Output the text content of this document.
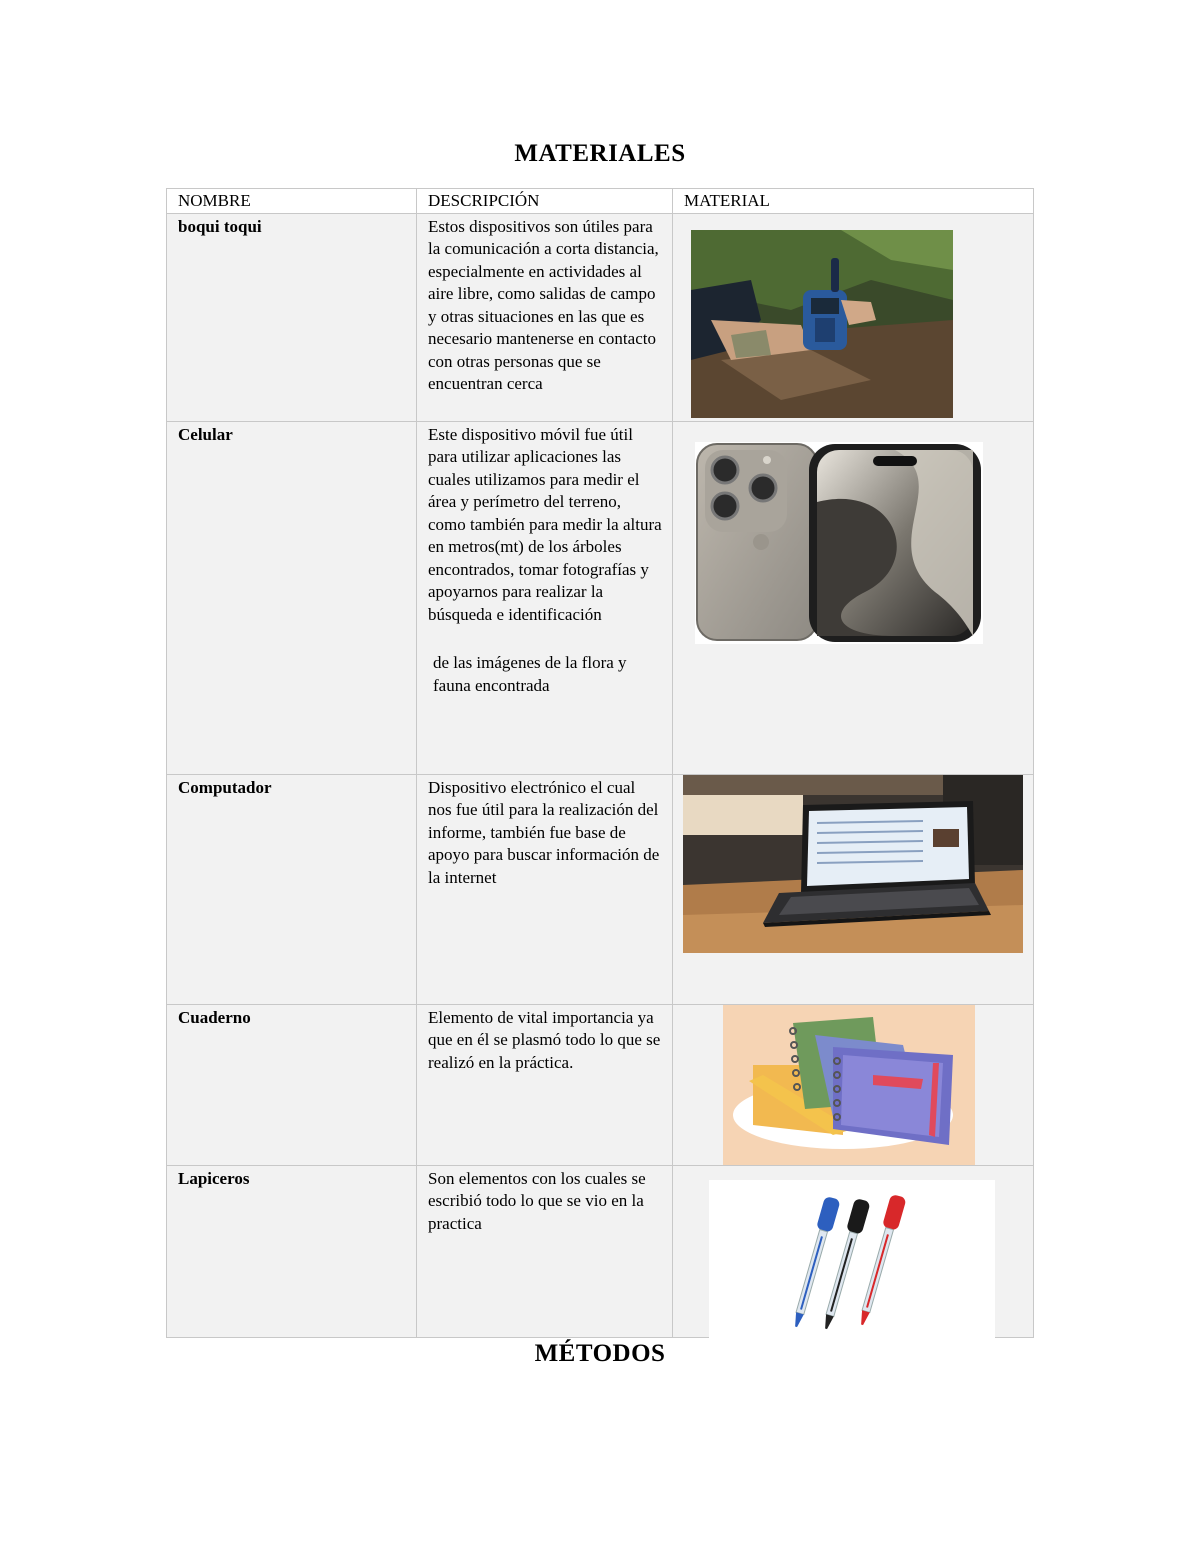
MATERIALES
NOMBRE	DESCRIPCIÓN	MATERIAL
boqui toqui	Estos dispositivos son útiles para la comunicación a corta distancia, especialmente en actividades al aire libre, como salidas de campo y otras situaciones en las que es necesario mantenerse en contacto con otras personas que se encuentran cerca	

Celular	Este dispositivo móvil fue útil para utilizar aplicaciones las cuales utilizamos para medir el área y perímetro del terreno, como también para medir la altura en metros(mt) de los árboles encontrados, tomar fotografías y apoyarnos para realizar la búsqueda e identificación
de las imágenes de la flora y fauna encontrada

Computador	Dispositivo electrónico el cual nos fue útil para la realización del informe, también fue base de apoyo para buscar información de la internet	

Cuaderno	Elemento de vital importancia ya que en él se plasmó todo lo que se realizó en la práctica.	

Lapiceros	Son elementos con los cuales se escribió todo lo que se vio en la practica	
MÉTODOS
